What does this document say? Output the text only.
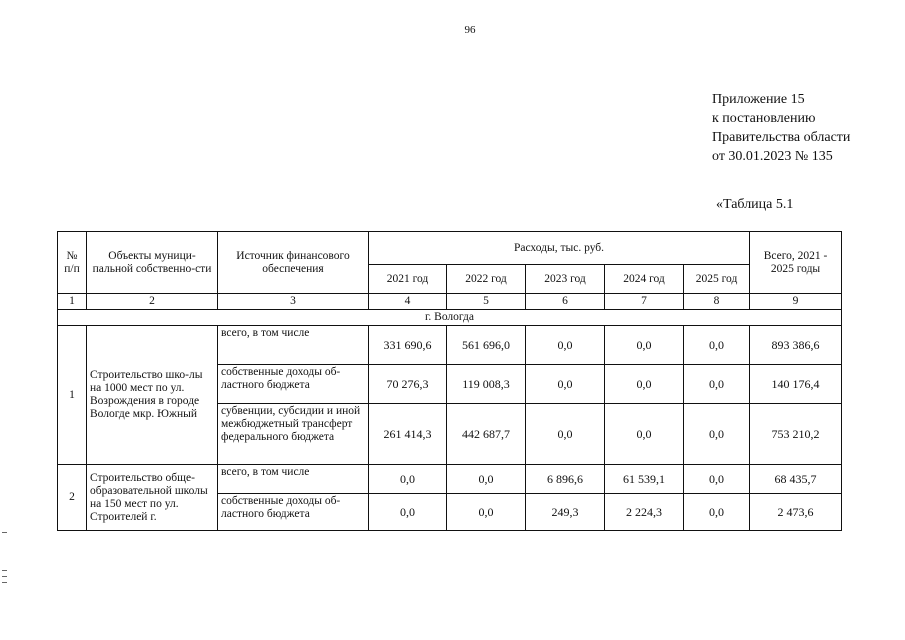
96
Приложение 15
к постановлению
Правительства области
от 30.01.2023 № 135
«Таблица 5.1
№ п/п	Объекты муници-пальной собственно-сти	Источник финансового обеспечения	Расходы, тыс. руб.					Всего, 2021 - 2025 годы
			2021 год	2022 год	2023 год	2024 год	2025 год	
1	2	3	4	5	6	7	8	9
г. Вологда								
1	Строительство шко-лы на 1000 мест по ул. Возрождения в городе Вологде мкр. Южный	всего, в том числе	331 690,6	561 696,0	0,0	0,0	0,0	893 386,6
		собственные доходы об-ластного бюджета	70 276,3	119 008,3	0,0	0,0	0,0	140 176,4
		субвенции, субсидии и иной межбюджетный трансферт федерального бюджета	261 414,3	442 687,7	0,0	0,0	0,0	753 210,2
2	Строительство обще-образовательной школы на 150 мест по ул. Строителей г.	всего, в том числе	0,0	0,0	6 896,6	61 539,1	0,0	68 435,7
		собственные доходы об-ластного бюджета	0,0	0,0	249,3	2 224,3	0,0	2 473,6
